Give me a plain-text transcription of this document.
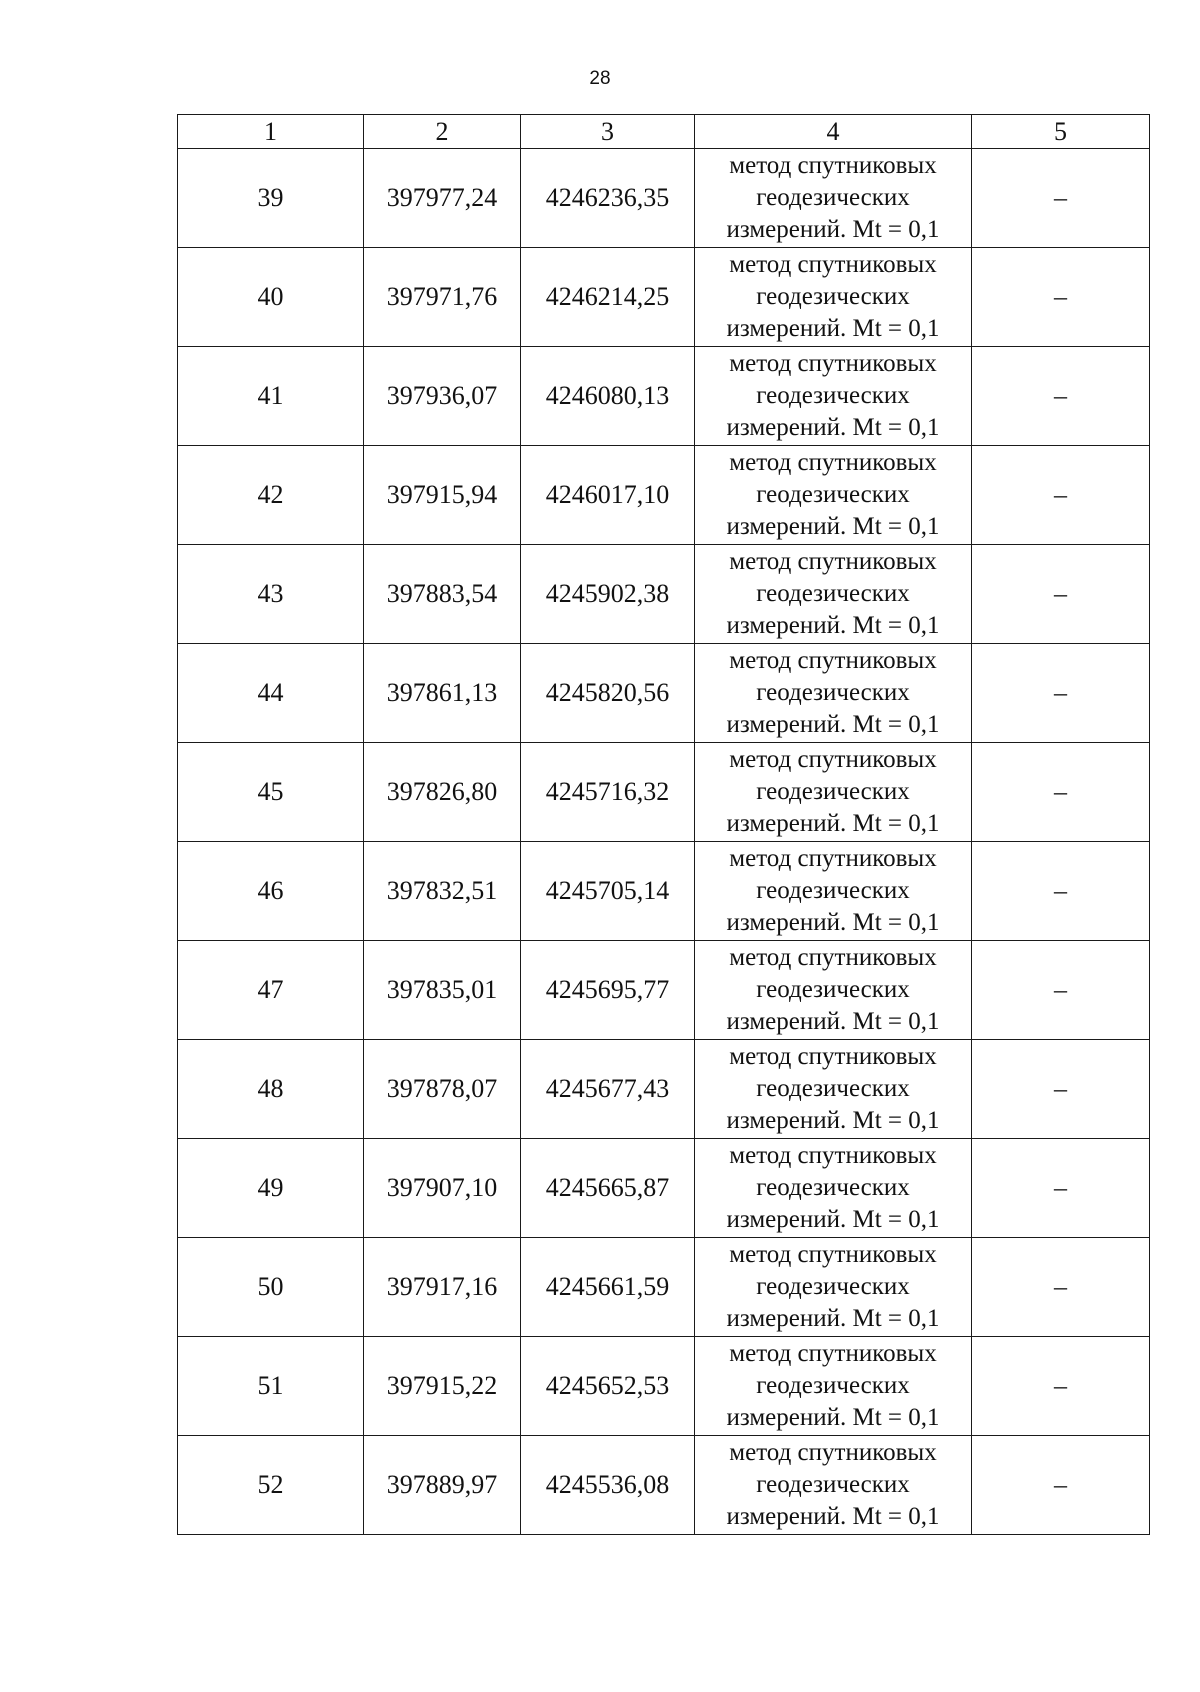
28
1	2	3	4	5
39	397977,24	4246236,35	метод спутниковых
геодезических
измерений. Mt = 0,1	–
40	397971,76	4246214,25	метод спутниковых
геодезических
измерений. Mt = 0,1	–
41	397936,07	4246080,13	метод спутниковых
геодезических
измерений. Mt = 0,1	–
42	397915,94	4246017,10	метод спутниковых
геодезических
измерений. Mt = 0,1	–
43	397883,54	4245902,38	метод спутниковых
геодезических
измерений. Mt = 0,1	–
44	397861,13	4245820,56	метод спутниковых
геодезических
измерений. Mt = 0,1	–
45	397826,80	4245716,32	метод спутниковых
геодезических
измерений. Mt = 0,1	–
46	397832,51	4245705,14	метод спутниковых
геодезических
измерений. Mt = 0,1	–
47	397835,01	4245695,77	метод спутниковых
геодезических
измерений. Mt = 0,1	–
48	397878,07	4245677,43	метод спутниковых
геодезических
измерений. Mt = 0,1	–
49	397907,10	4245665,87	метод спутниковых
геодезических
измерений. Mt = 0,1	–
50	397917,16	4245661,59	метод спутниковых
геодезических
измерений. Mt = 0,1	–
51	397915,22	4245652,53	метод спутниковых
геодезических
измерений. Mt = 0,1	–
52	397889,97	4245536,08	метод спутниковых
геодезических
измерений. Mt = 0,1	–
